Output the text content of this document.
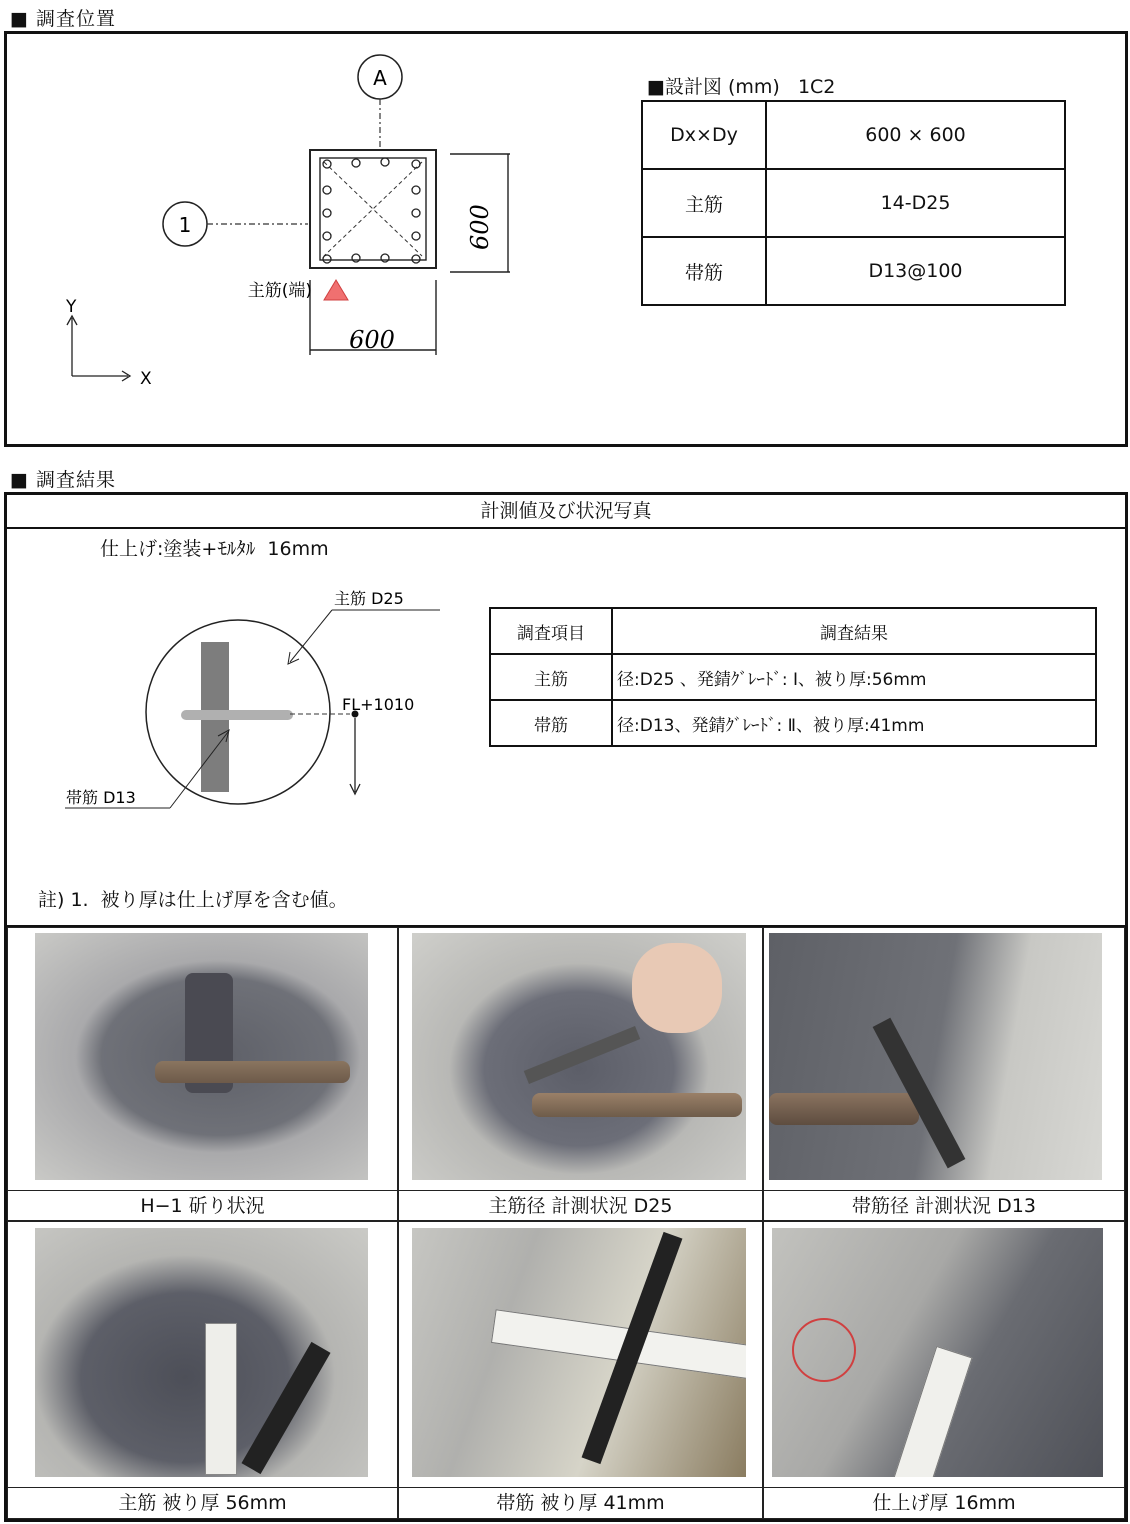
■ 調査位置
A
1	600
600
主筋(端)
X
Y
■設計図 (mm)   1C2
Dx×Dy	600 × 600
主筋	14-D25
帯筋	D13@100
■ 調査結果
計測値及び状況写真
仕上げ:塗装+ﾓﾙﾀﾙ  16mm
FL+1010
主筋 D25
帯筋 D13
調査項目	調査結果
主筋	径:D25 、発錆ｸﾞﾚｰﾄﾞ: Ⅰ、被り厚:56mm
帯筋	径:D13、発錆ｸﾞﾚｰﾄﾞ: Ⅱ、被り厚:41mm
註) 1.  被り厚は仕上げ厚を含む値。
H−1 斫り状況	主筋径 計測状況 D25	帯筋径 計測状況 D13
主筋 被り厚 56mm	帯筋 被り厚 41mm	仕上げ厚 16mm
